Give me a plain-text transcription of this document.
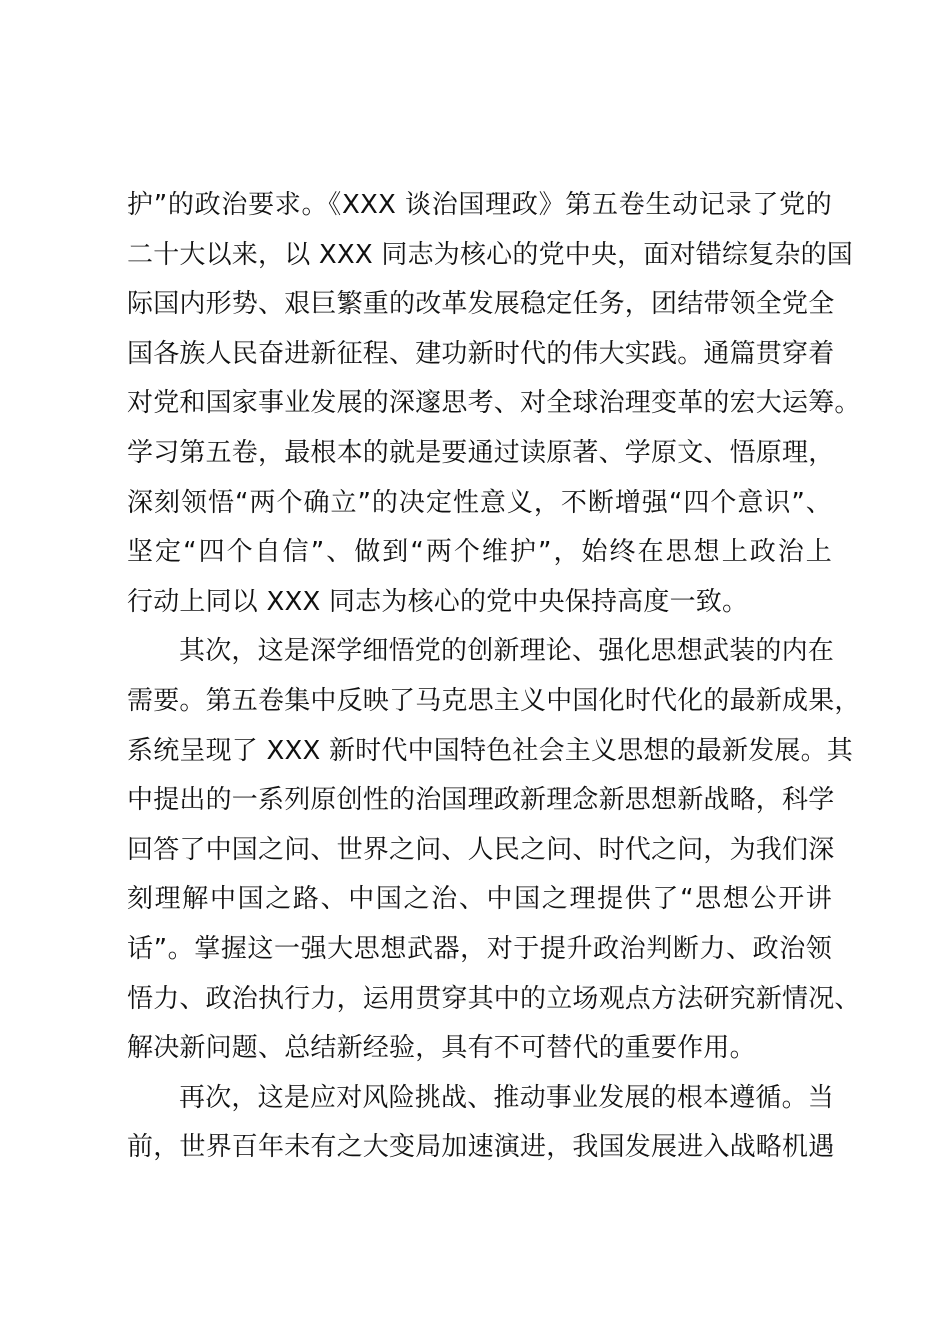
护”的政治要求。《XXX 谈治国理政》第五卷生动记录了党的
二十大以来，以 XXX 同志为核心的党中央，面对错综复杂的国
际国内形势、艰巨繁重的改革发展稳定任务，团结带领全党全
国各族人民奋进新征程、建功新时代的伟大实践。通篇贯穿着
对党和国家事业发展的深邃思考、对全球治理变革的宏大运筹。
学习第五卷，最根本的就是要通过读原著、学原文、悟原理，
深刻领悟“两个确立”的决定性意义，不断增强“四个意识”、
坚定“四个自信”、做到“两个维护”，始终在思想上政治上
行动上同以 XXX 同志为核心的党中央保持高度一致。
其次，这是深学细悟党的创新理论、强化思想武装的内在
需要。第五卷集中反映了马克思主义中国化时代化的最新成果，
系统呈现了 XXX 新时代中国特色社会主义思想的最新发展。其
中提出的一系列原创性的治国理政新理念新思想新战略，科学
回答了中国之问、世界之问、人民之问、时代之问，为我们深
刻理解中国之路、中国之治、中国之理提供了“思想公开讲
话”。掌握这一强大思想武器，对于提升政治判断力、政治领
悟力、政治执行力，运用贯穿其中的立场观点方法研究新情况、
解决新问题、总结新经验，具有不可替代的重要作用。
再次，这是应对风险挑战、推动事业发展的根本遵循。当
前，世界百年未有之大变局加速演进，我国发展进入战略机遇
